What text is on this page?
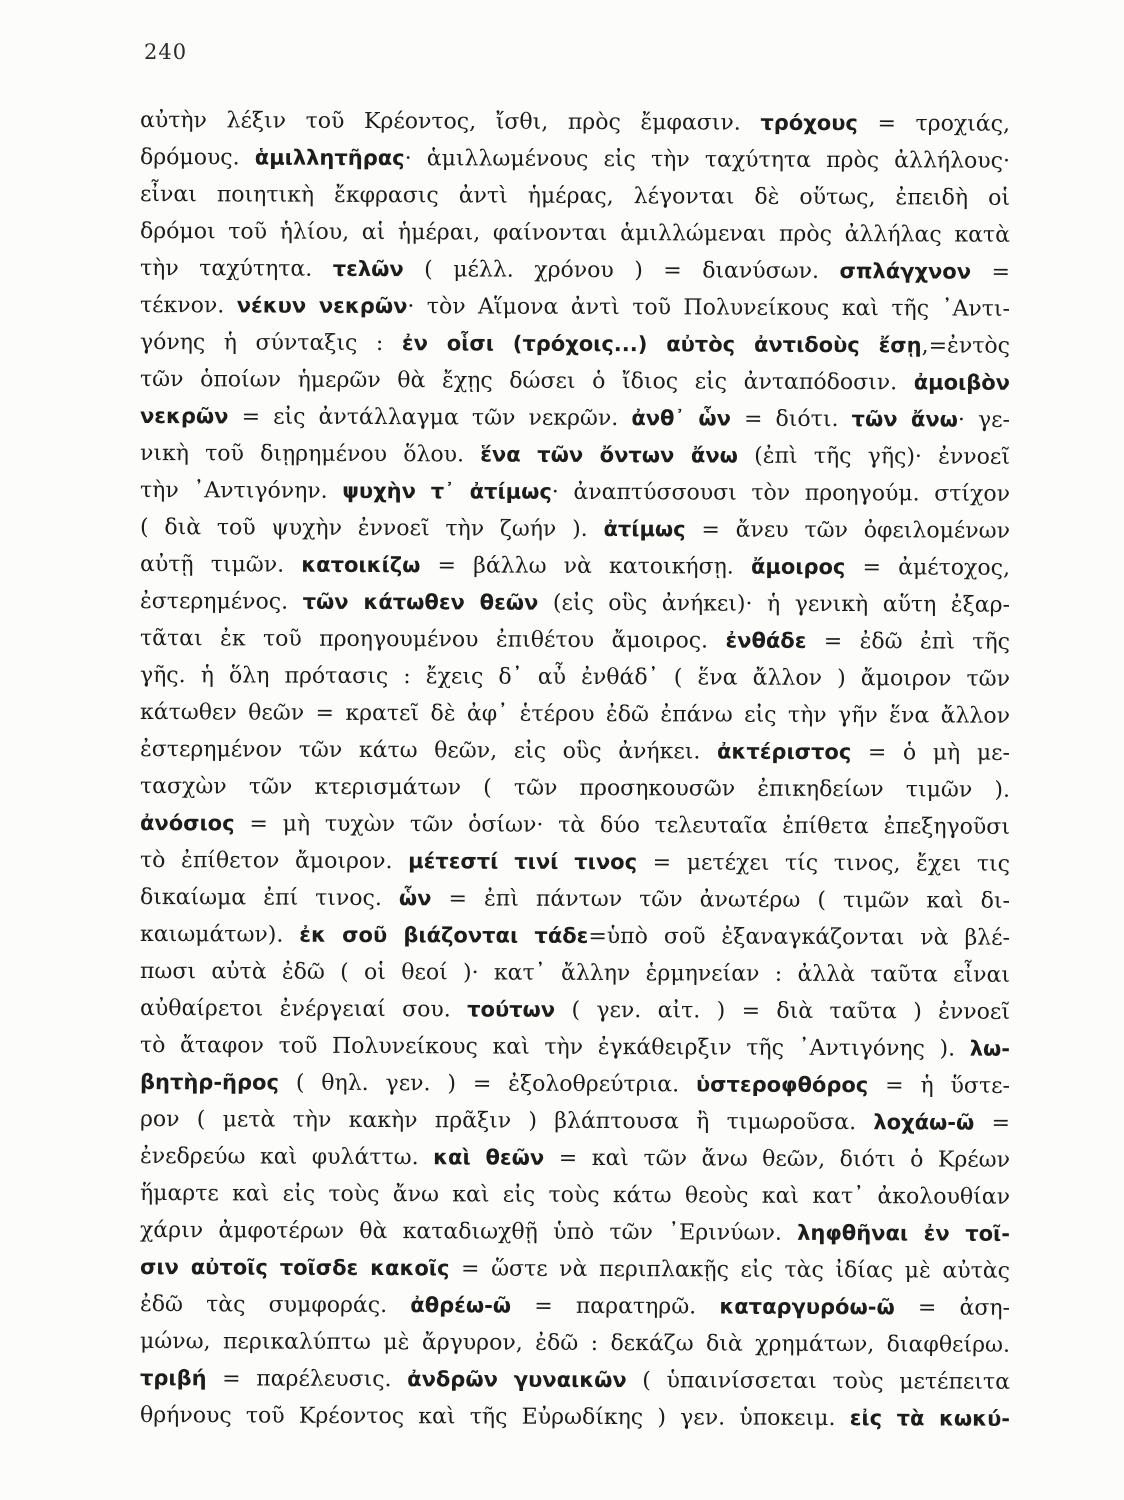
240
αὐτὴν λέξιν τοῦ Κρέοντος, ἴσθι, πρὸς ἔμφασιν. τρόχους = τροχιάς,
δρόμους. ἁμιλλητῆρας· ἁμιλλωμένους εἰς τὴν ταχύτητα πρὸς ἀλλήλους·
εἶναι ποιητικὴ ἔκφρασις ἀντὶ ἡμέρας, λέγονται δὲ οὕτως, ἐπειδὴ οἱ
δρόμοι τοῦ ἡλίου, αἱ ἡμέραι, φαίνονται ἁμιλλώμεναι πρὸς ἀλλήλας κατὰ
τὴν ταχύτητα. τελῶν ( μέλλ. χρόνου ) = διανύσων. σπλάγχνον =
τέκνον. νέκυν νεκρῶν· τὸν Αἵμονα ἀντὶ τοῦ Πολυνείκους καὶ τῆς ᾿Αντι-
γόνης ἡ σύνταξις : ἐν οἷσι (τρόχοις...) αὐτὸς ἀντιδοὺς ἔσῃ,=ἐντὸς
τῶν ὁποίων ἡμερῶν θὰ ἔχῃς δώσει ὁ ἴδιος εἰς ἀνταπόδοσιν. ἀμοιβὸν
νεκρῶν = εἰς ἀντάλλαγμα τῶν νεκρῶν. ἀνθ᾿ ὧν = διότι. τῶν ἄνω· γε-
νικὴ τοῦ διῃρημένου ὅλου. ἕνα τῶν ὄντων ἄνω (ἐπὶ τῆς γῆς)· ἐννοεῖ
τὴν ᾿Αντιγόνην. ψυχὴν τ᾿ ἀτίμως· ἀναπτύσσουσι τὸν προηγούμ. στίχον
( διὰ τοῦ ψυχὴν ἐννοεῖ τὴν ζωήν ). ἀτίμως = ἄνευ τῶν ὀφειλομένων
αὐτῇ τιμῶν. κατοικίζω = βάλλω νὰ κατοικήσῃ. ἄμοιρος = ἀμέτοχος,
ἐστερημένος. τῶν κάτωθεν θεῶν (εἰς οὓς ἀνήκει)· ἡ γενικὴ αὕτη ἐξαρ-
τᾶται ἐκ τοῦ προηγουμένου ἐπιθέτου ἄμοιρος. ἐνθάδε = ἐδῶ ἐπὶ τῆς
γῆς. ἡ ὅλη πρότασις : ἔχεις δ᾿ αὖ ἐνθάδ᾿ ( ἕνα ἄλλον ) ἄμοιρον τῶν
κάτωθεν θεῶν = κρατεῖ δὲ ἀφ᾿ ἑτέρου ἐδῶ ἐπάνω εἰς τὴν γῆν ἕνα ἄλλον
ἐστερημένον τῶν κάτω θεῶν, εἰς οὓς ἀνήκει. ἀκτέριστος = ὁ μὴ με-
τασχὼν τῶν κτερισμάτων ( τῶν προσηκουσῶν ἐπικηδείων τιμῶν ).
ἀνόσιος = μὴ τυχὼν τῶν ὁσίων· τὰ δύο τελευταῖα ἐπίθετα ἐπεξηγοῦσι
τὸ ἐπίθετον ἄμοιρον. μέτεστί τινί τινος = μετέχει τίς τινος, ἔχει τις
δικαίωμα ἐπί τινος. ὧν = ἐπὶ πάντων τῶν ἀνωτέρω ( τιμῶν καὶ δι-
καιωμάτων). ἐκ σοῦ βιάζονται τάδε=ὑπὸ σοῦ ἐξαναγκάζονται νὰ βλέ-
πωσι αὐτὰ ἐδῶ ( οἱ θεοί )· κατ᾿ ἄλλην ἑρμηνείαν : ἀλλὰ ταῦτα εἶναι
αὐθαίρετοι ἐνέργειαί σου. τούτων ( γεν. αἰτ. ) = διὰ ταῦτα ) ἐννοεῖ
τὸ ἄταφον τοῦ Πολυνείκους καὶ τὴν ἐγκάθειρξιν τῆς ᾿Αντιγόνης ). λω-
βητὴρ-ῆρος ( θηλ. γεν. ) = ἐξολοθρεύτρια. ὑστεροφθόρος = ἡ ὕστε-
ρον ( μετὰ τὴν κακὴν πρᾶξιν ) βλάπτουσα ἢ τιμωροῦσα. λοχάω-ῶ =
ἐνεδρεύω καὶ φυλάττω. καὶ θεῶν = καὶ τῶν ἄνω θεῶν, διότι ὁ Κρέων
ἥμαρτε καὶ εἰς τοὺς ἄνω καὶ εἰς τοὺς κάτω θεοὺς καὶ κατ᾿ ἀκολουθίαν
χάριν ἀμφοτέρων θὰ καταδιωχθῇ ὑπὸ τῶν ᾿Ερινύων. ληφθῆναι ἐν τοῖ-
σιν αὐτοῖς τοῖσδε κακοῖς = ὥστε νὰ περιπλακῇς εἰς τὰς ἰδίας μὲ αὐτὰς
ἐδῶ τὰς συμφοράς. ἀθρέω-ῶ = παρατηρῶ. καταργυρόω-ῶ = ἀση-
μώνω, περικαλύπτω μὲ ἄργυρον, ἐδῶ : δεκάζω διὰ χρημάτων, διαφθείρω.
τριβή = παρέλευσις. ἀνδρῶν γυναικῶν ( ὑπαινίσσεται τοὺς μετέπειτα
θρήνους τοῦ Κρέοντος καὶ τῆς Εὐρωδίκης ) γεν. ὑποκειμ. εἰς τὰ κωκύ-
